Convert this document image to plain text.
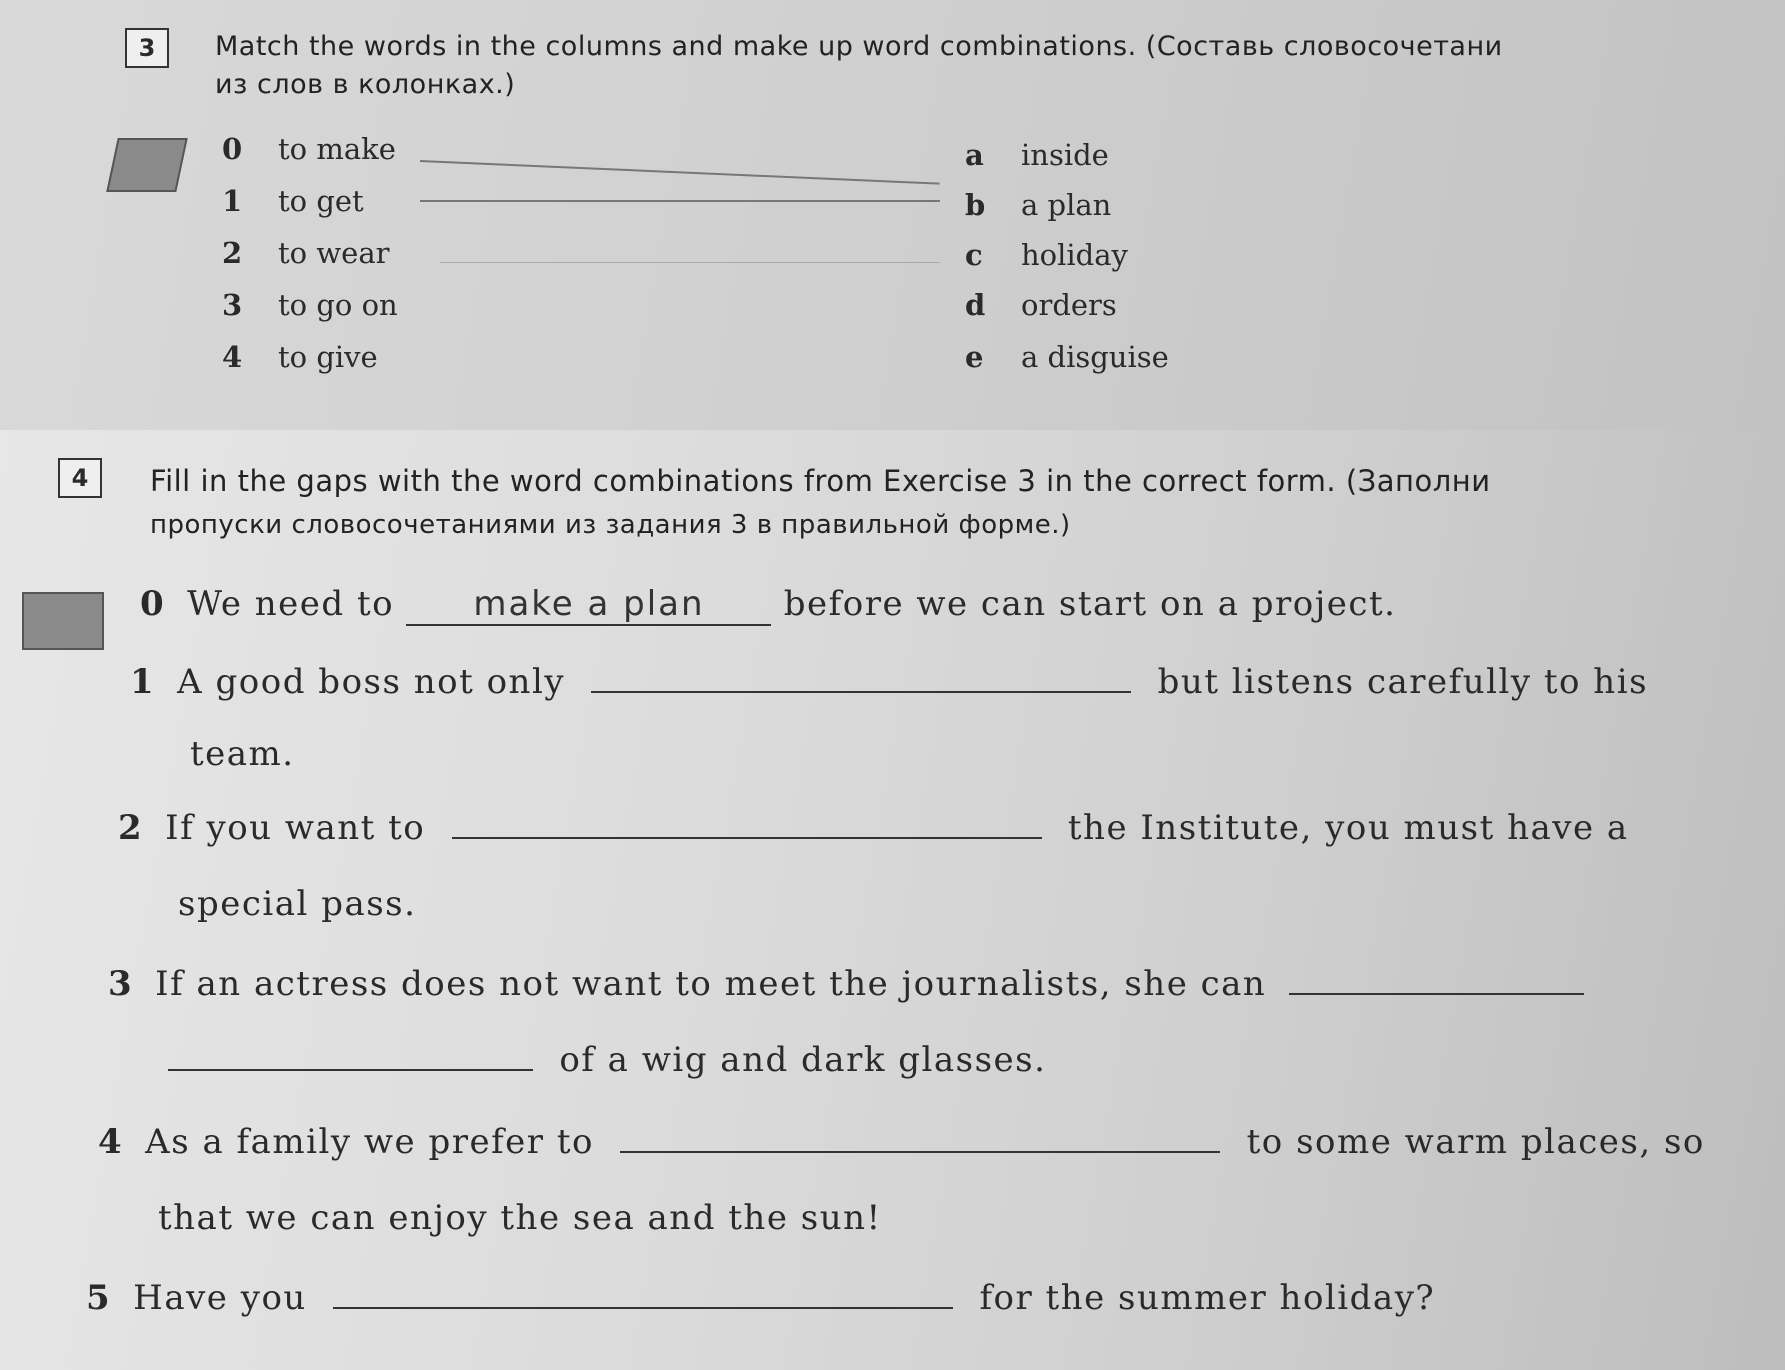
3	Match the words in the columns and make up word combinations. (Составь словосочетани
из слов в колонках.)
0 to make
1 to get
2 to wear
3 to go on
4 to give
a inside
b a plan
c holiday
d orders
e a disguise
4	Fill in the gaps with the word combinations from Exercise 3 in the correct form. (Заполни
пропуски словосочетаниями из задания 3 в правильной форме.)
0 We need to make a plan before we can start on a project.
1 A good boss not only	but listens carefully to his
team.
2 If you want to	the Institute, you must have a
special pass.
3 If an actress does not want to meet the journalists, she can
of a wig and dark glasses.
4 As a family we prefer to	to some warm places, so
that we can enjoy the sea and the sun!
5 Have you	for the summer holiday?
